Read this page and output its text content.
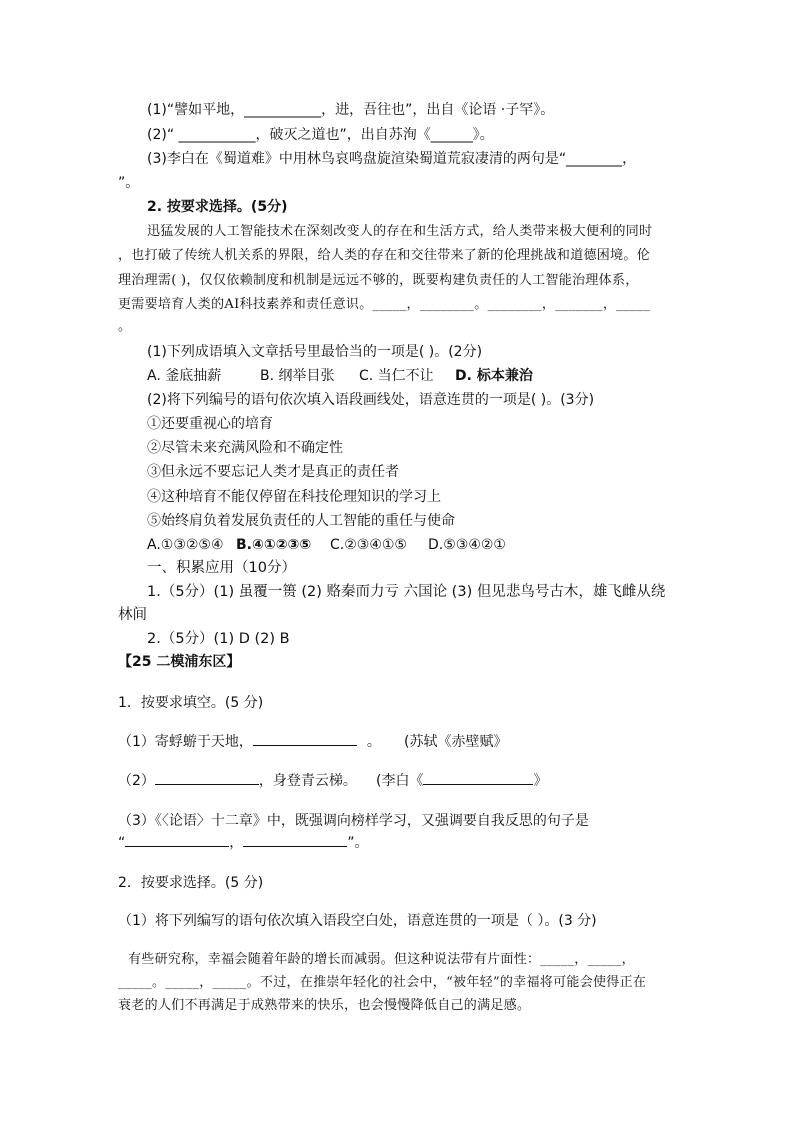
(1)“譬如平地，___________，进，吾往也”，出自《论语 ·子罕》。
(2)“ ___________，破灭之道也”，出自苏洵《______》。
(3)李白在《蜀道难》中用林鸟哀鸣盘旋渲染蜀道荒寂凄清的两句是“________，
”。
2. 按要求选择。(5分)
迅猛发展的人工智能技术在深刻改变人的存在和生活方式，给人类带来极大便利的同时
，也打破了传统人机关系的界限，给人类的存在和交往带来了新的伦理挑战和道德困境。伦
理治理需( )，仅仅依赖制度和机制是远远不够的，既要构建负责任的人工智能治理体系，
更需要培育人类的AI科技素养和责任意识。_____，________。________，_______，_____
。
(1)下列成语填入文章括号里最恰当的一项是( )。(2分)
A. 釜底抽薪	B. 纲举目张 C. 当仁不让 D. 标本兼治
(2)将下列编号的语句依次填入语段画线处，语意连贯的一项是( )。(3分)
①还要重视心的培育
②尽管未来充满风险和不确定性
③但永远不要忘记人类才是真正的责任者
④这种培育不能仅停留在科技伦理知识的学习上
⑤始终肩负着发展负责任的人工智能的重任与使命
A.①③②⑤④ B.④①②③⑤ C.②③④①⑤ D.⑤③④②①
一、积累应用（10分）
1.（5分）(1) 虽覆一篑 (2) 赂秦而力亏 六国论 (3) 但见悲鸟号古木，雄飞雌从绕
林间
2.（5分）(1) D (2) B
【25 二模浦东区】
1．按要求填空。(5 分)
（1）寄蜉蝣于天地，	。 (苏轼《赤壁赋》
（2）	，身登青云梯。 (李白《	》
（3）《〈论语〉十二章》中，既强调向榜样学习，又强调要自我反思的句子是
“	，	”。
2．按要求选择。(5 分)
（1）将下列编写的语句依次填入语段空白处，语意连贯的一项是（ ）。(3 分)
有些研究称，幸福会随着年龄的增长而减弱。但这种说法带有片面性：_____，_____，
_____。_____，_____。不过，在推崇年轻化的社会中，“被年轻”的幸福将可能会使得正在
衰老的人们不再满足于成熟带来的快乐，也会慢慢降低自己的满足感。
